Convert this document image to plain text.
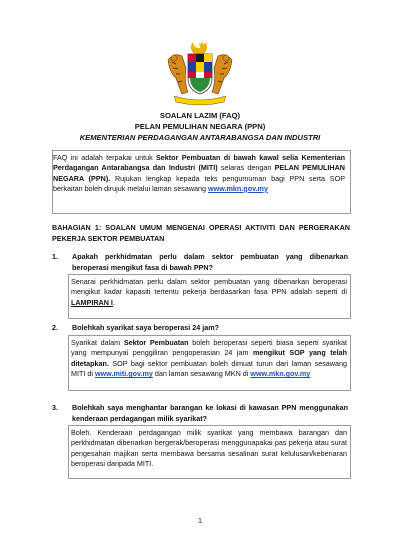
SOALAN LAZIM (FAQ)
PELAN PEMULIHAN NEGARA (PPN)
KEMENTERIAN PERDAGANGAN ANTARABANGSA DAN INDUSTRI
FAQ ini adalah terpakai untuk Sektor Pembuatan di bawah kawal selia Kementerian Perdagangan Antarabangsa dan Industri (MITI) selaras dengan PELAN PEMULIHAN NEGARA (PPN). Rujukan lengkap kepada teks pengumuman bagi PPN serta SOP berkaitan boleh dirujuk melalui laman sesawang www.mkn.gov.my
BAHAGIAN 1: SOALAN UMUM MENGENAI OPERASI AKTIVITI DAN PERGERAKAN PEKERJA SEKTOR PEMBUATAN
1. Apakah perkhidmatan perlu dalam sektor pembuatan yang dibenarkan beroperasi mengikut fasa di bawah PPN?
Senarai perkhidmatan perlu dalam sektor pembuatan yang dibenarkan beroperasi mengikut kadar kapasiti tertentu pekerja berdasarkan fasa PPN adalah seperti di LAMPIRAN I.
2. Bolehkah syarikat saya beroperasi 24 jam?
Syarikat dalam Sektor Pembuatan boleh beroperasi seperti biasa seperti syarikat yang mempunyai penggiliran pengoperasian 24 jam mengikut SOP yang telah ditetapkan. SOP bagi sektor pembuatan boleh dimuat turun dari laman sesawang MITI di www.miti.gov.my dan laman sesawang MKN di www.mkn.gov.my
3. Bolehkah saya menghantar barangan ke lokasi di kawasan PPN menggunakan kenderaan perdagangan milik syarikat?
Boleh. Kenderaan perdagangan milik syarikat yang membawa barangan dan perkhidmatan dibenarkan bergerak/beroperasi menggunapakai pas pekerja atau surat pengesahan majikan serta membawa bersama sesalinan surat kelulusan/kebenaran beroperasi daripada MITI.
1
